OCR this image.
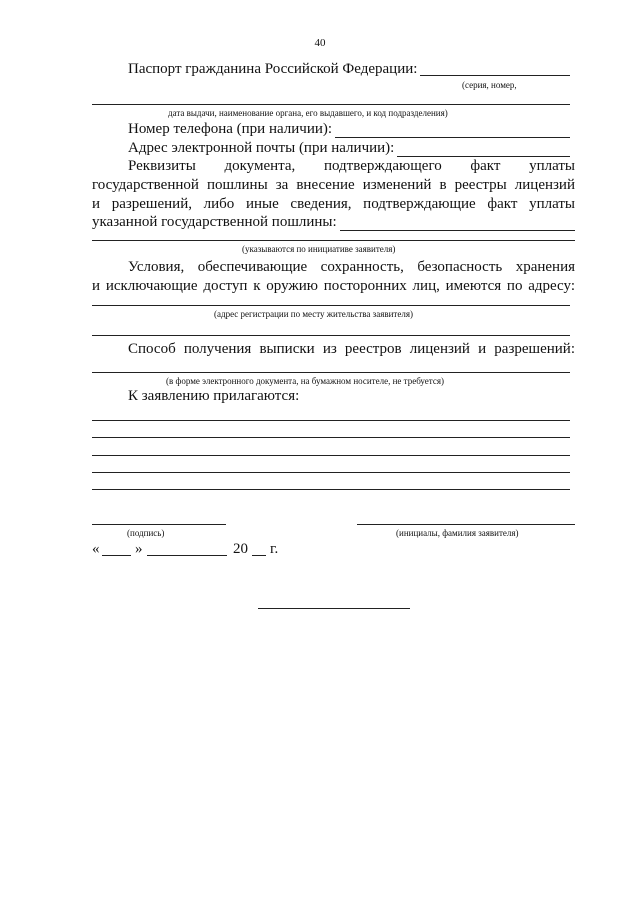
40
Паспорт гражданина Российской Федерации:
(серия, номер,
дата выдачи, наименование органа, его выдавшего, и код подразделения)
Номер телефона (при наличии):
Адрес электронной почты (при наличии):
Реквизиты документа, подтверждающего факт уплаты
государственной пошлины за внесение изменений в реестры лицензий
и разрешений, либо иные сведения, подтверждающие факт уплаты
указанной государственной пошлины:
(указываются по инициативе заявителя)
Условия, обеспечивающие сохранность, безопасность хранения
и исключающие доступ к оружию посторонних лиц, имеются по адресу:
(адрес регистрации по месту жительства заявителя)
Способ получения выписки из реестров лицензий и разрешений:
(в форме электронного документа, на бумажном носителе, не требуется)
К заявлению прилагаются:
(подпись)	(инициалы, фамилия заявителя)
« »	20 г.
